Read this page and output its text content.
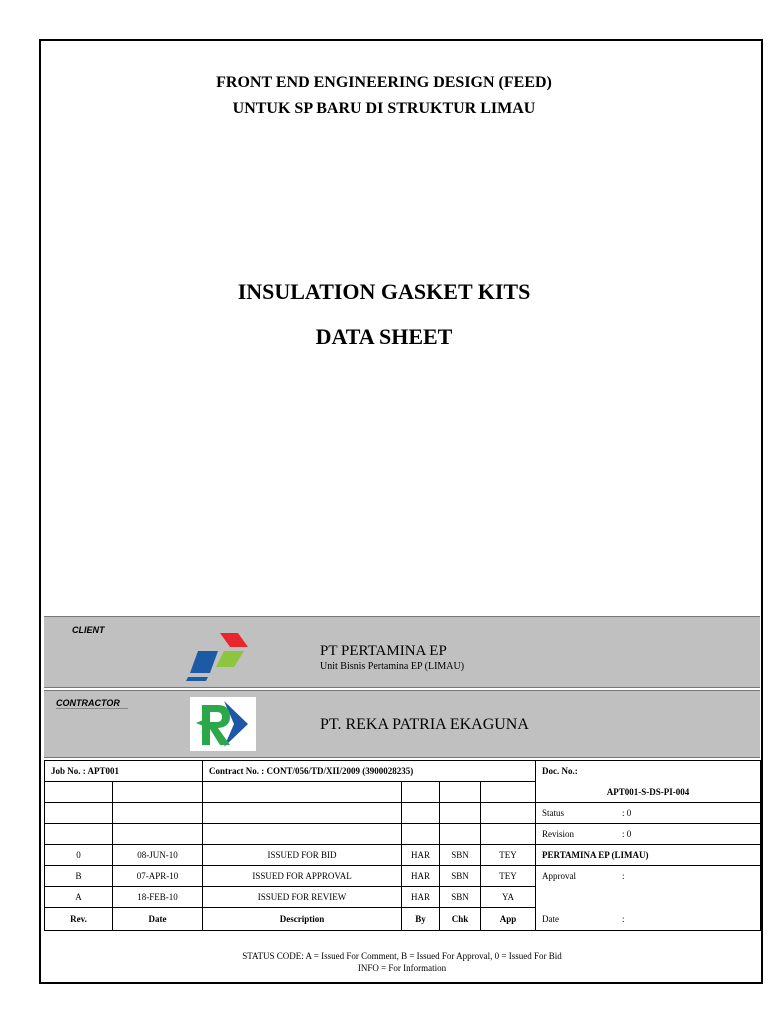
FRONT END ENGINEERING DESIGN (FEED)
UNTUK SP BARU DI STRUKTUR LIMAU
INSULATION GASKET KITS
DATA SHEET
CLIENT
PT PERTAMINA EP
Unit Bisnis Pertamina EP (LIMAU)
CONTRACTOR
PT. REKA PATRIA EKAGUNA
Job No. : APT001		Contract No. : CONT/056/TD/XII/2009 (3900028235)				Doc. No.:
						APT001-S-DS-PI-004

						Status : 0

						Revision : 0

0	08-JUN-10	ISSUED FOR BID	HAR	SBN	TEY	PERTAMINA EP (LIMAU)
B	07-APR-10	ISSUED FOR APPROVAL	HAR	SBN	TEY	Approval :

A	18-FEB-10	ISSUED FOR REVIEW	HAR	SBN	YA	
Rev.	Date	Description	By	Chk	App	Date :
STATUS CODE: A = Issued For Comment, B = Issued For Approval, 0 = Issued For Bid
INFO = For Information
